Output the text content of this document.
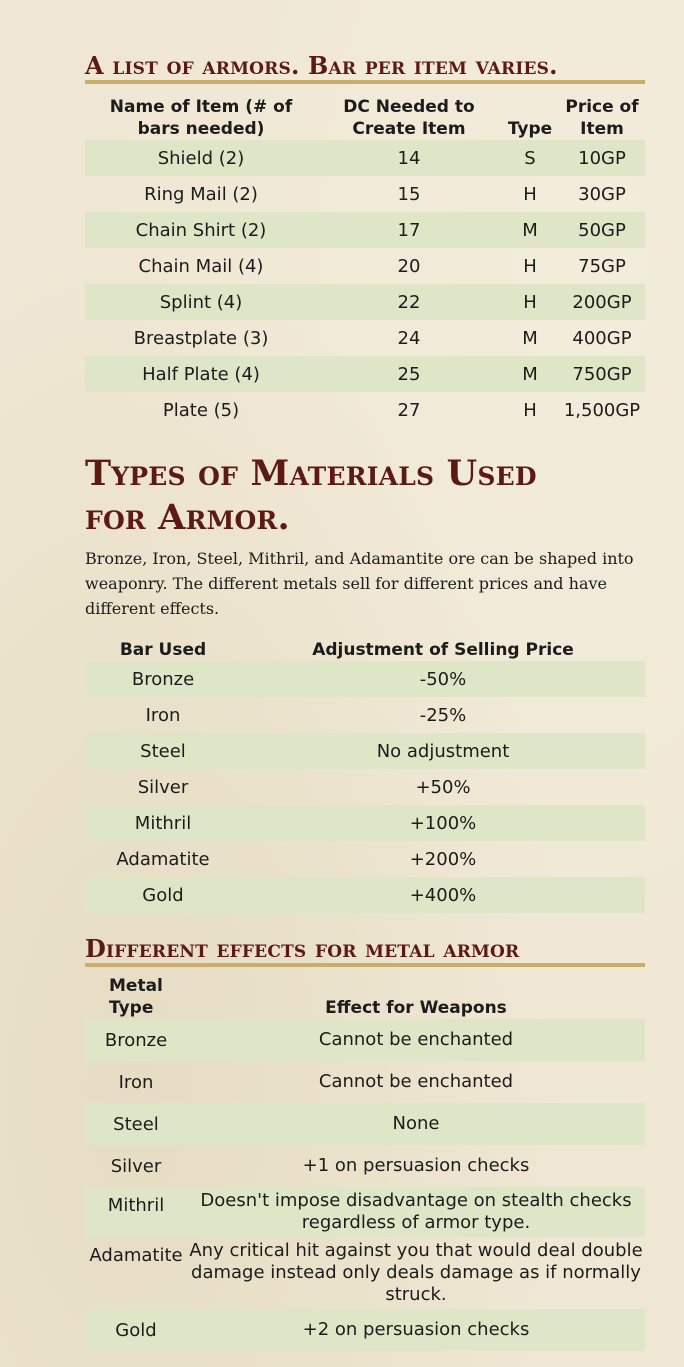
A list of armors. Bar per item varies.
Name of Item (# of bars needed)	DC Needed to Create Item	Type	Price of Item
Shield (2)	14	S	10GP
Ring Mail (2)	15	H	30GP
Chain Shirt (2)	17	M	50GP
Chain Mail (4)	20	H	75GP
Splint (4)	22	H	200GP
Breastplate (3)	24	M	400GP
Half Plate (4)	25	M	750GP
Plate (5)	27	H	1,500GP
Types of Materials Used for Armor.

Bronze, Iron, Steel, Mithril, and Adamantite ore can be shaped into weaponry. The different metals sell for different prices and have different effects.

Bar Used	Adjustment of Selling Price
Bronze	-50%
Iron	-25%
Steel	No adjustment
Silver	+50%
Mithril	+100%
Adamatite	+200%
Gold	+400%
Different effects for metal armor
Metal Type	Effect for Weapons
Bronze	Cannot be enchanted
Iron	Cannot be enchanted
Steel	None
Silver	+1 on persuasion checks
Mithril	Doesn't impose disadvantage on stealth checks regardless of armor type.
Adamatite	Any critical hit against you that would deal double damage instead only deals damage as if normally struck.
Gold	+2 on persuasion checks
